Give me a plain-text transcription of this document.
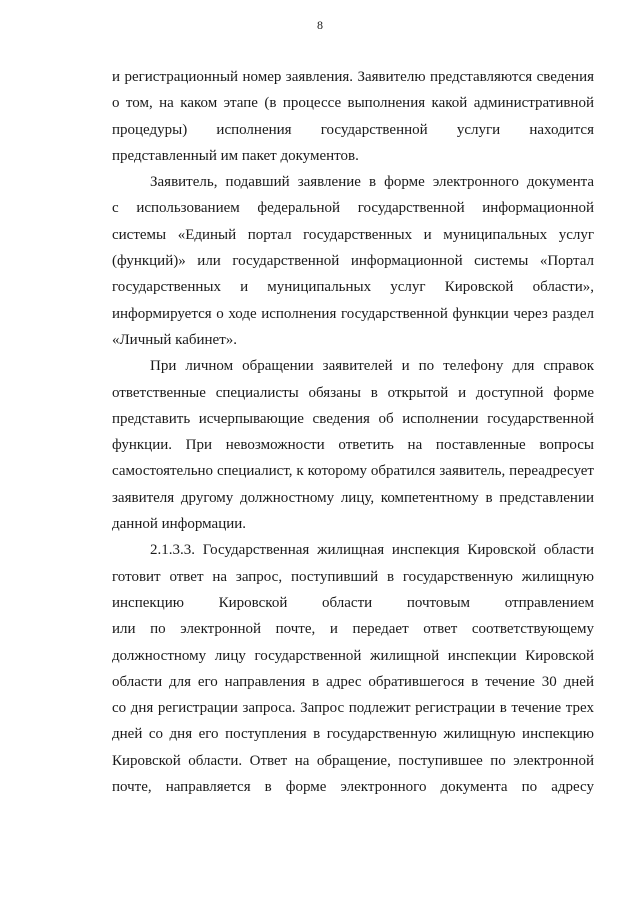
8
и регистрационный номер заявления. Заявителю представляются сведения
о том, на каком этапе (в процессе выполнения какой административной
процедуры) исполнения государственной услуги находится
представленный им пакет документов.
Заявитель, подавший заявление в форме электронного документа
с использованием федеральной государственной информационной
системы «Единый портал государственных и муниципальных услуг
(функций)» или государственной информационной системы «Портал
государственных и муниципальных услуг Кировской области»,
информируется о ходе исполнения государственной функции через раздел
«Личный кабинет».
При личном обращении заявителей и по телефону для справок
ответственные специалисты обязаны в открытой и доступной форме
представить исчерпывающие сведения об исполнении государственной
функции. При невозможности ответить на поставленные вопросы
самостоятельно специалист, к которому обратился заявитель, переадресует
заявителя другому должностному лицу, компетентному в представлении
данной информации.
2.1.3.3. Государственная жилищная инспекция Кировской области
готовит ответ на запрос, поступивший в государственную жилищную
инспекцию Кировской области почтовым отправлением
или по электронной почте, и передает ответ соответствующему
должностному лицу государственной жилищной инспекции Кировской
области для его направления в адрес обратившегося в течение 30 дней
со дня регистрации запроса. Запрос подлежит регистрации в течение трех
дней со дня его поступления в государственную жилищную инспекцию
Кировской области. Ответ на обращение, поступившее по электронной
почте, направляется в форме электронного документа по адресу
